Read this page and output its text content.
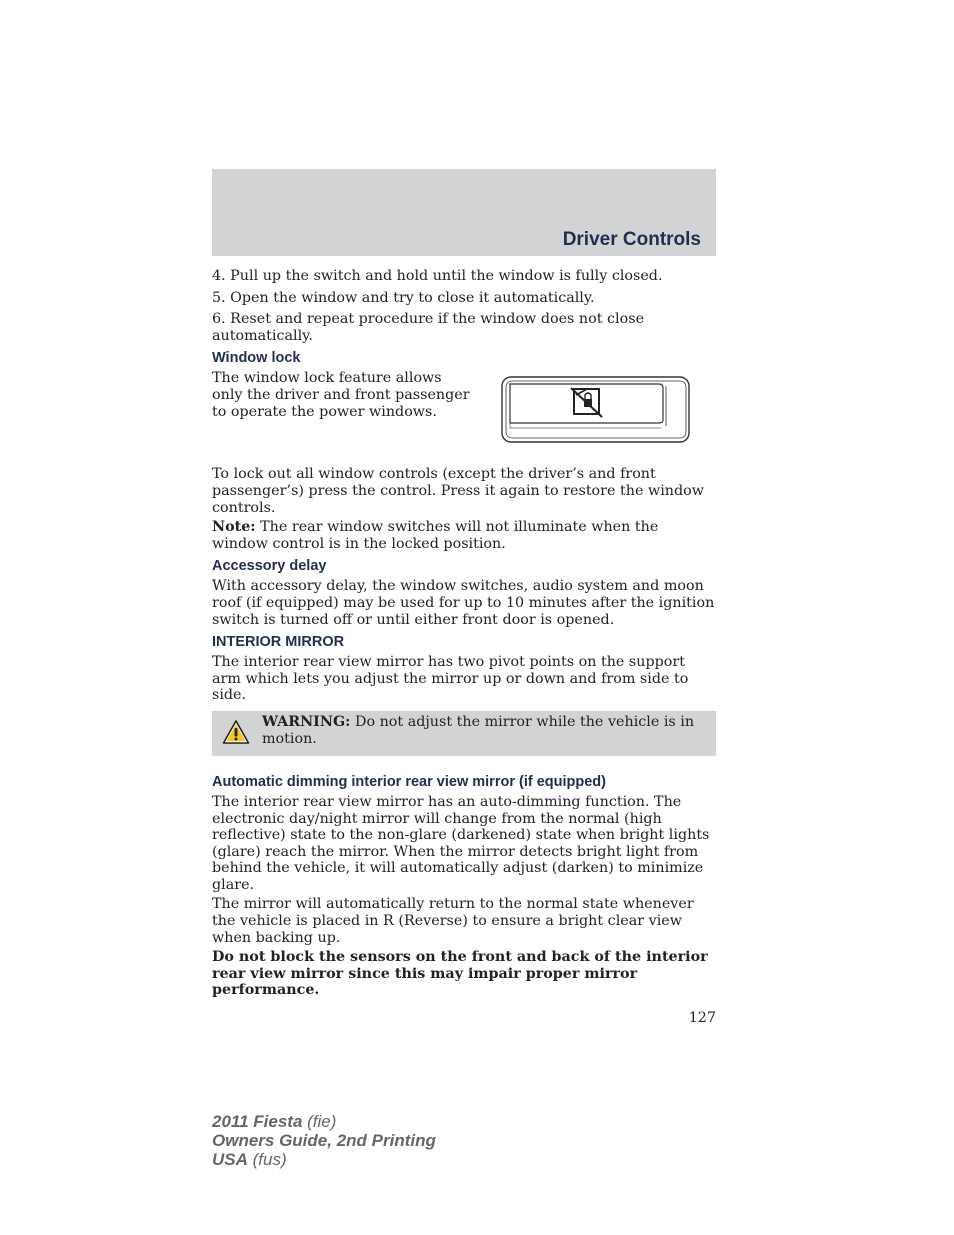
Driver Controls

4. Pull up the switch and hold until the window is fully closed.

5. Open the window and try to close it automatically.

6. Reset and repeat procedure if the window does not close automatically.

Window lock

The window lock feature allows only the driver and front passenger to operate the power windows.

To lock out all window controls (except the driver’s and front passenger’s) press the control. Press it again to restore the window controls.

Note: The rear window switches will not illuminate when the window control is in the locked position.

Accessory delay

With accessory delay, the window switches, audio system and moon roof (if equipped) may be used for up to 10 minutes after the ignition switch is turned off or until either front door is opened.

INTERIOR MIRROR

The interior rear view mirror has two pivot points on the support arm which lets you adjust the mirror up or down and from side to side.

WARNING: Do not adjust the mirror while the vehicle is in motion.

Automatic dimming interior rear view mirror (if equipped)

The interior rear view mirror has an auto-dimming function. The electronic day/night mirror will change from the normal (high reflective) state to the non-glare (darkened) state when bright lights (glare) reach the mirror. When the mirror detects bright light from behind the vehicle, it will automatically adjust (darken) to minimize glare.

The mirror will automatically return to the normal state whenever the vehicle is placed in R (Reverse) to ensure a bright clear view when backing up.

Do not block the sensors on the front and back of the interior rear view mirror since this may impair proper mirror performance.

127
2011 Fiesta (fie)
Owners Guide, 2nd Printing
USA (fus)
